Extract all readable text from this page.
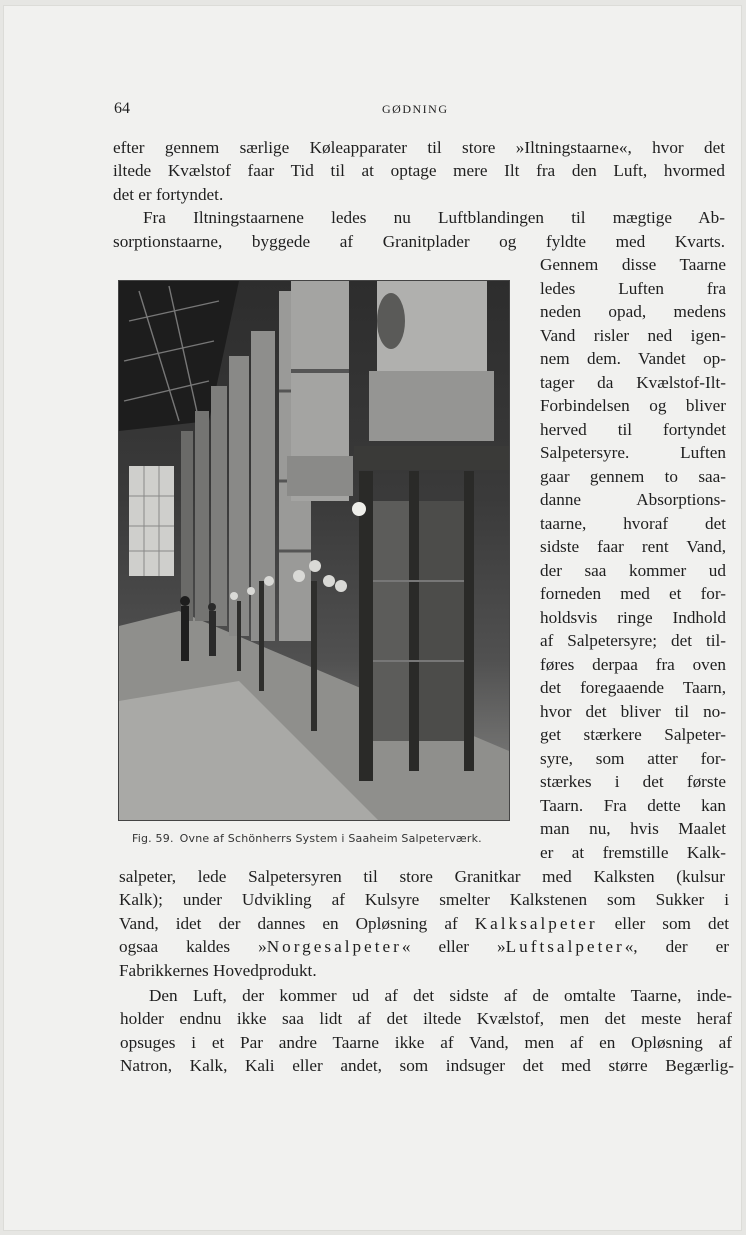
64	GØDNING
efter gennem særlige Køleapparater til store »Iltningstaarne«, hvor det
iltede Kvælstof faar Tid til at optage mere Ilt fra den Luft, hvormed
det er fortyndet.
Fra Iltningstaarnene ledes nu Luftblandingen til mægtige Ab-
sorptionstaarne, byggede af Granitplader og fyldte med Kvarts.
Gennem disse Taarne
ledes Luften fra
neden opad, medens
Vand risler ned igen-
nem dem. Vandet op-
tager da Kvælstof-Ilt-
Forbindelsen og bliver
herved til fortyndet
Salpetersyre. Luften
gaar gennem to saa-
danne Absorptions-
taarne, hvoraf det
sidste faar rent Vand,
der saa kommer ud
forneden med et for-
holdsvis ringe Indhold
af Salpetersyre; det til-
føres derpaa fra oven
det foregaaende Taarn,
hvor det bliver til no-
get stærkere Salpeter-
syre, som atter for-
stærkes i det første
Taarn. Fra dette kan
man nu, hvis Maalet
er at fremstille Kalk-
Fig. 59. Ovne af Schönherrs System i Saaheim Salpeterværk.
salpeter, lede Salpetersyren til store Granitkar med Kalksten (kulsur
Kalk); under Udvikling af Kulsyre smelter Kalkstenen som Sukker i
Vand, idet der dannes en Opløsning af Kalksalpeter eller som det
ogsaa kaldes »Norgesalpeter« eller »Luftsalpeter«, der er
Fabrikkernes Hovedprodukt.
Den Luft, der kommer ud af det sidste af de omtalte Taarne, inde-
holder endnu ikke saa lidt af det iltede Kvælstof, men det meste heraf
opsuges i et Par andre Taarne ikke af Vand, men af en Opløsning af
Natron, Kalk, Kali eller andet, som indsuger det med større Begærlig-
